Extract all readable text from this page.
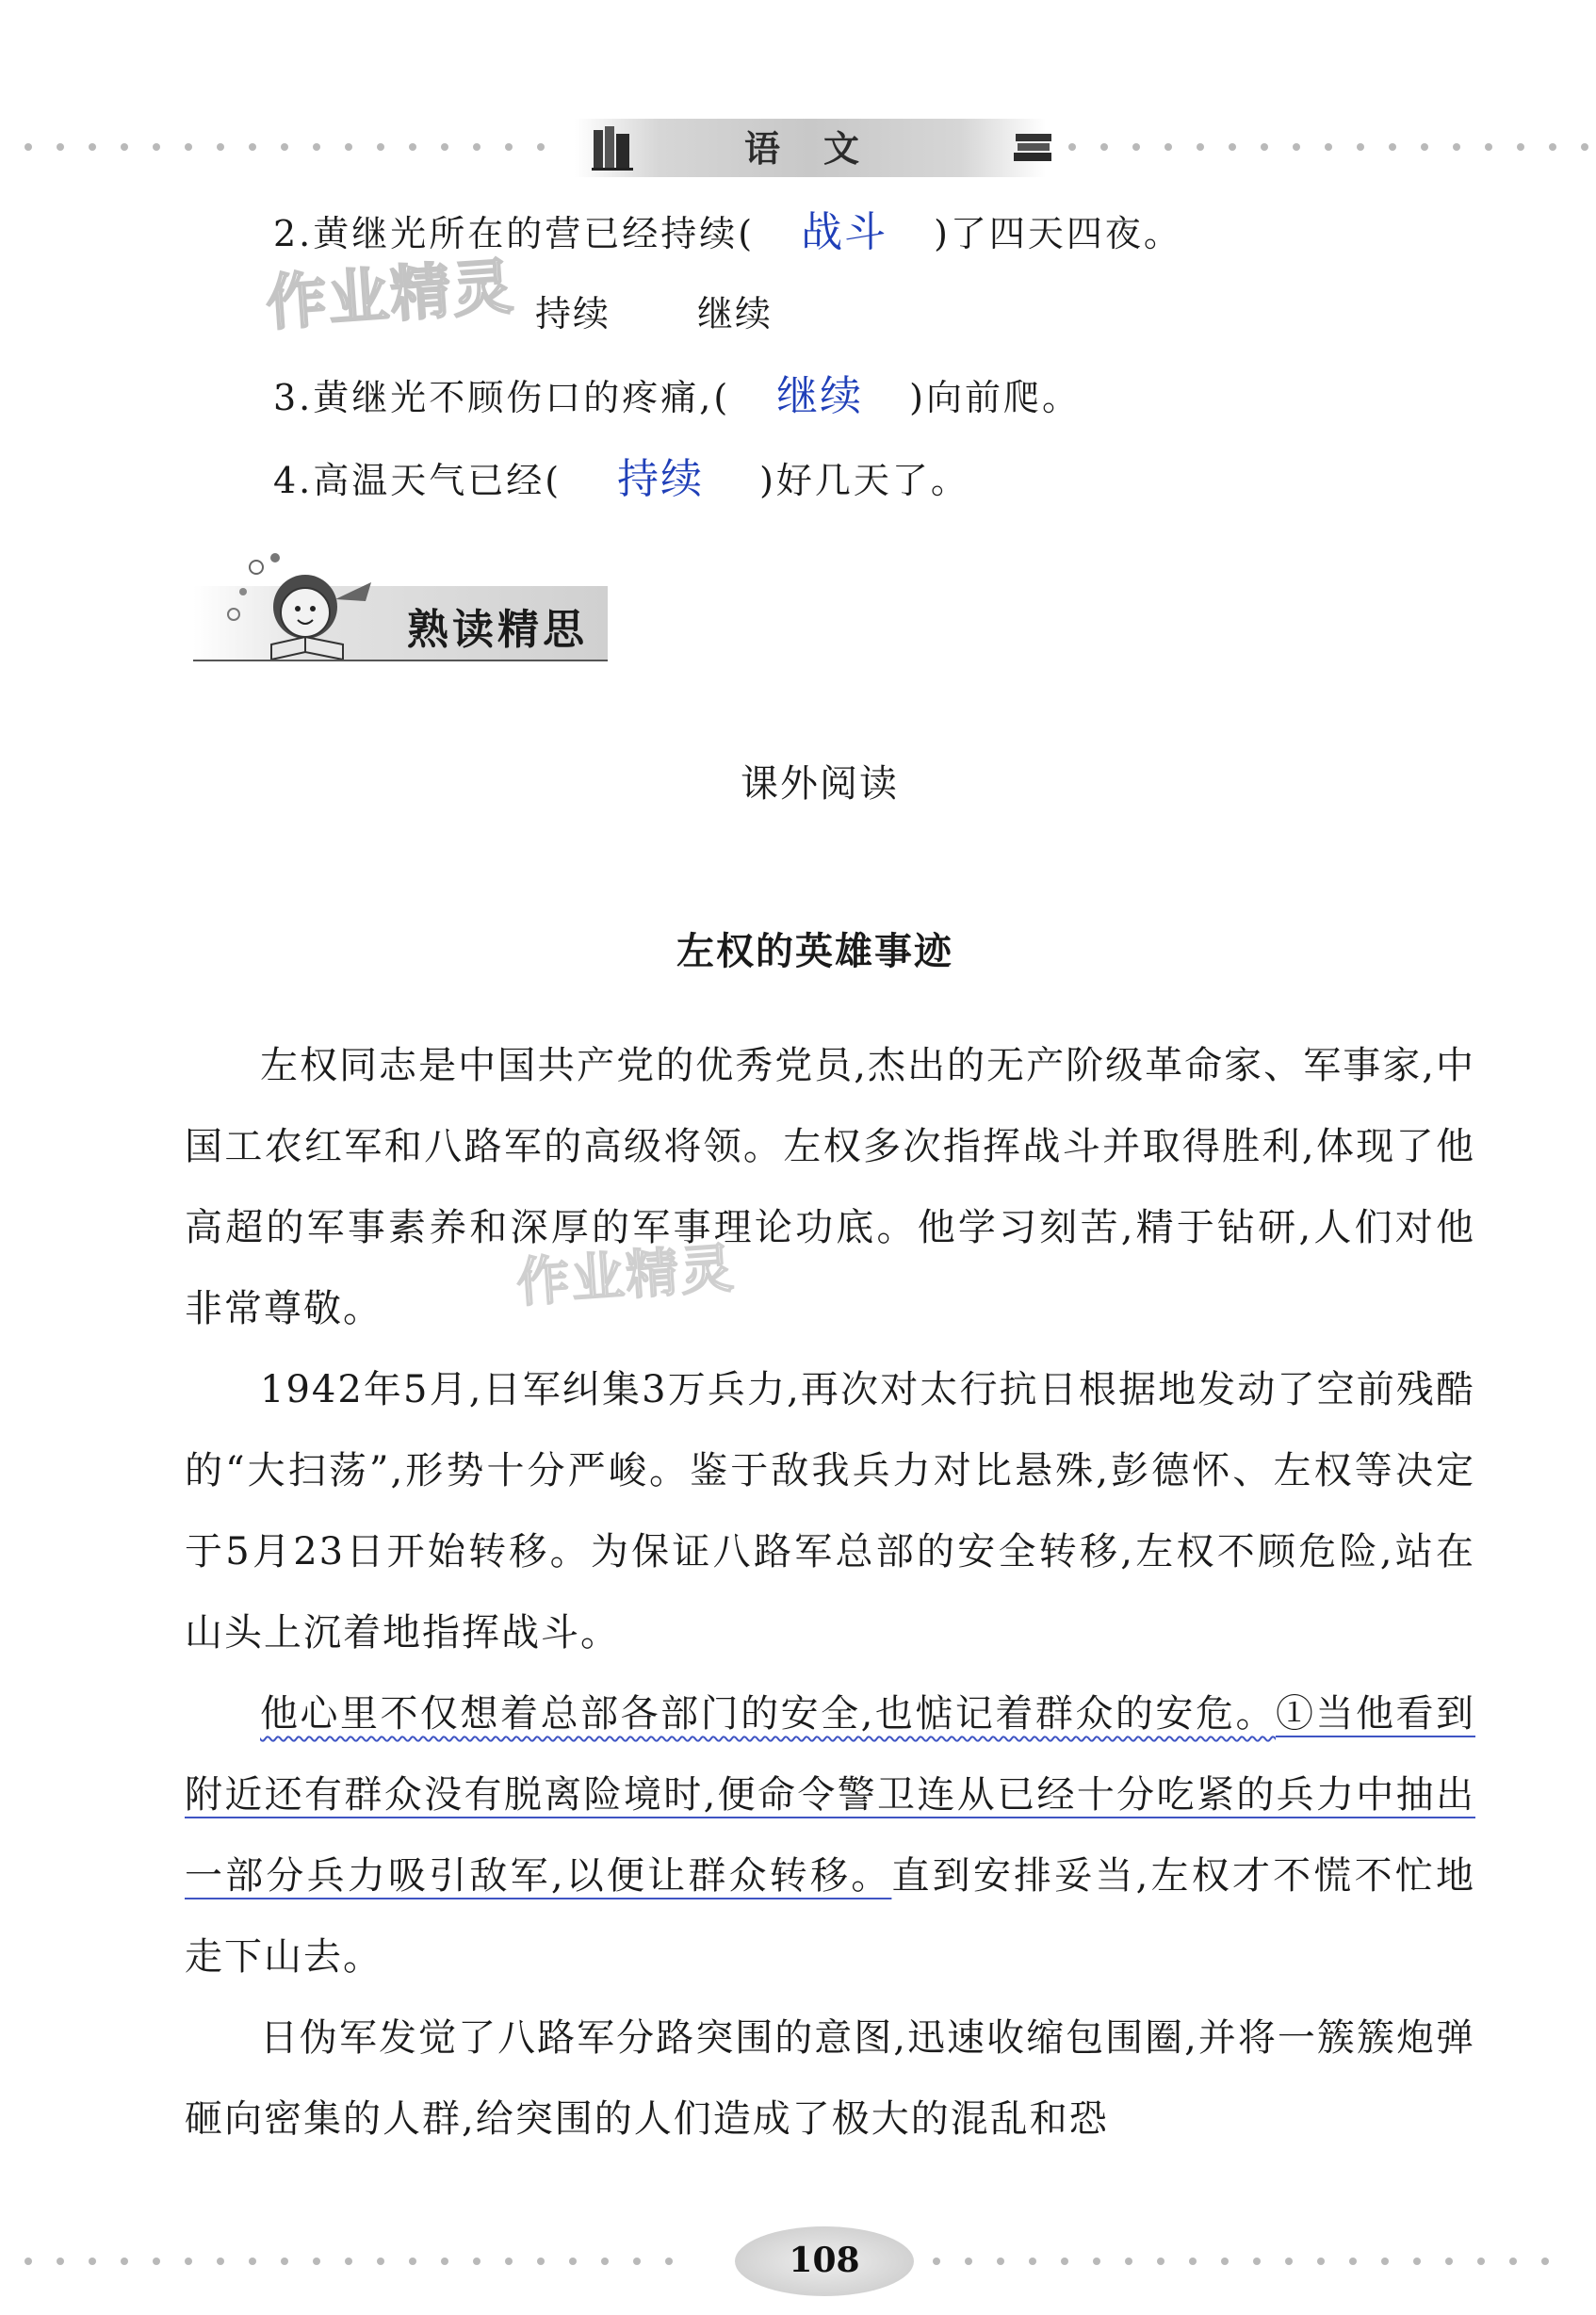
语文
作业精灵
2.黄继光所在的营已经持续( 战斗 )了四天四夜。
持续 继续
3.黄继光不顾伤口的疼痛,( 继续 )向前爬。
4.高温天气已经( 持续 )好几天了。
熟读精思
课外阅读
左权的英雄事迹

左权同志是中国共产党的优秀党员,杰出的无产阶级革命家、军事家,中国工农红军和八路军的高级将领。左权多次指挥战斗并取得胜利,体现了他高超的军事素养和深厚的军事理论功底。他学习刻苦,精于钻研,人们对他非常尊敬。

1942年5月,日军纠集3万兵力,再次对太行抗日根据地发动了空前残酷的“大扫荡”,形势十分严峻。鉴于敌我兵力对比悬殊,彭德怀、左权等决定于5月23日开始转移。为保证八路军总部的安全转移,左权不顾危险,站在山头上沉着地指挥战斗。

他心里不仅想着总部各部门的安全,也惦记着群众的安危。①当他看到附近还有群众没有脱离险境时,便命令警卫连从已经十分吃紧的兵力中抽出一部分兵力吸引敌军,以便让群众转移。直到安排妥当,左权才不慌不忙地走下山去。

日伪军发觉了八路军分路突围的意图,迅速收缩包围圈,并将一簇簇炮弹砸向密集的人群,给突围的人们造成了极大的混乱和恐

作业精灵
108
